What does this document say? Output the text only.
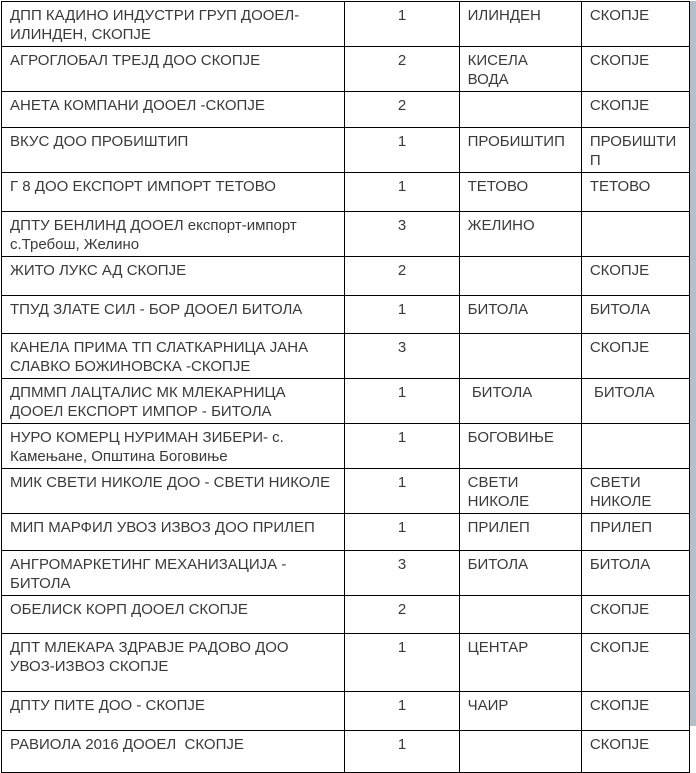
ДПП КАДИНО ИНДУСТРИ ГРУП ДООЕЛ-ИЛИНДЕН, СКОПЈЕ	1	ИЛИНДЕН	СКОПЈЕ
АГРОГЛОБАЛ ТРЕЈД ДОО СКОПЈЕ	2	КИСЕЛА ВОДА	СКОПЈЕ
АНЕТА КОМПАНИ ДООЕЛ -СКОПЈЕ	2		СКОПЈЕ
ВКУС ДОО ПРОБИШТИП	1	ПРОБИШТИП	ПРОБИШТИП
Г 8 ДОО ЕКСПОРТ ИМПОРТ ТЕТОВО	1	ТЕТОВО	ТЕТОВО
ДПТУ БЕНЛИНД ДООЕЛ експорт-импорт с.Требош, Желино	3	ЖЕЛИНО	
ЖИТО ЛУКС АД СКОПЈЕ	2		СКОПЈЕ
ТПУД ЗЛАТЕ СИЛ - БОР ДООЕЛ БИТОЛА	1	БИТОЛА	БИТОЛА
КАНЕЛА ПРИМА ТП СЛАТКАРНИЦА ЈАНА СЛАВКО БОЖИНОВСКА -СКОПЈЕ	3		СКОПЈЕ
ДПММП ЛАЦТАЛИС МК МЛЕКАРНИЦА ДООЕЛ ЕКСПОРТ ИМПОР - БИТОЛА	1	БИТОЛА	БИТОЛА
НУРО КОМЕРЦ НУРИМАН ЗИБЕРИ- с. Камењане, Општина Боговиње	1	БОГОВИЊЕ	
МИК СВЕТИ НИКОЛЕ ДОО - СВЕТИ НИКОЛЕ	1	СВЕТИ НИКОЛЕ	СВЕТИ НИКОЛЕ
МИП МАРФИЛ УВОЗ ИЗВОЗ ДОО ПРИЛЕП	1	ПРИЛЕП	ПРИЛЕП
АНГРОМАРКЕТИНГ МЕХАНИЗАЦИЈА - БИТОЛА	3	БИТОЛА	БИТОЛА
ОБЕЛИСК КОРП ДООЕЛ СКОПЈЕ	2		СКОПЈЕ
ДПТ МЛЕКАРА ЗДРАВЈЕ РАДОВО ДОО УВОЗ-ИЗВОЗ СКОПЈЕ	1	ЦЕНТАР	СКОПЈЕ
ДПТУ ПИТЕ ДОО - СКОПЈЕ	1	ЧАИР	СКОПЈЕ
РАВИОЛА 2016 ДООЕЛ  СКОПЈЕ	1		СКОПЈЕ
